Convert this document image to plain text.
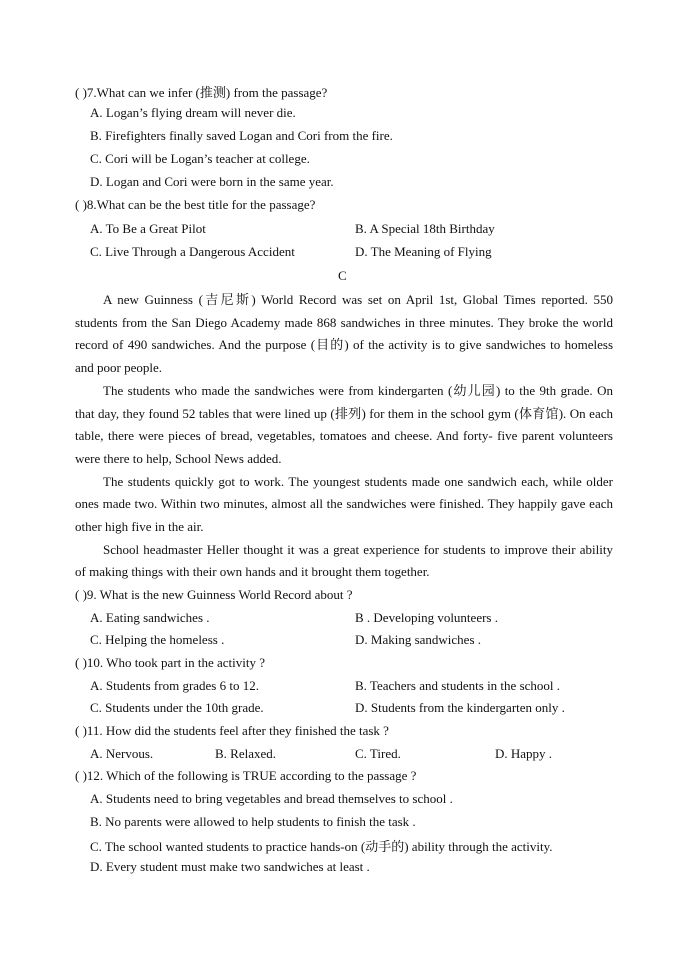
( )7.What can we infer (推测) from the passage?
A. Logan’s flying dream will never die.
B. Firefighters finally saved Logan and Cori from the fire.
C. Cori will be Logan’s teacher at college.
D. Logan and Cori were born in the same year.
( )8.What can be the best title for the passage?
A. To Be a Great Pilot	B. A Special 18th Birthday
C. Live Through a Dangerous Accident	D. The Meaning of Flying
C

A new Guinness (吉尼斯) World Record was set on April 1st, Global Times reported. 550 students from the San Diego Academy made 868 sandwiches in three minutes. They broke the world record of 490 sandwiches. And the purpose (目的) of the activity is to give sandwiches to homeless and poor people.

The students who made the sandwiches were from kindergarten (幼儿园) to the 9th grade. On that day, they found 52 tables that were lined up (排列) for them in the school gym (体育馆). On each table, there were pieces of bread, vegetables, tomatoes and cheese. And forty- five parent volunteers were there to help, School News added.

The students quickly got to work. The youngest students made one sandwich each, while older ones made two. Within two minutes, almost all the sandwiches were finished. They happily gave each other high five in the air.

School headmaster Heller thought it was a great experience for students to improve their ability of making things with their own hands and it brought them together.

( )9. What is the new Guinness World Record about ?
A. Eating sandwiches .	B . Developing volunteers .
C. Helping the homeless .	D. Making sandwiches .
( )10. Who took part in the activity ?
A. Students from grades 6 to 12.	B. Teachers and students in the school .
C. Students under the 10th grade.	D. Students from the kindergarten only .
( )11. How did the students feel after they finished the task ?
A. Nervous.	B. Relaxed.	C. Tired.	D. Happy .
( )12. Which of the following is TRUE according to the passage ?
A. Students need to bring vegetables and bread themselves to school .
B. No parents were allowed to help students to finish the task .
C. The school wanted students to practice hands-on (动手的) ability through the activity.
D. Every student must make two sandwiches at least .
